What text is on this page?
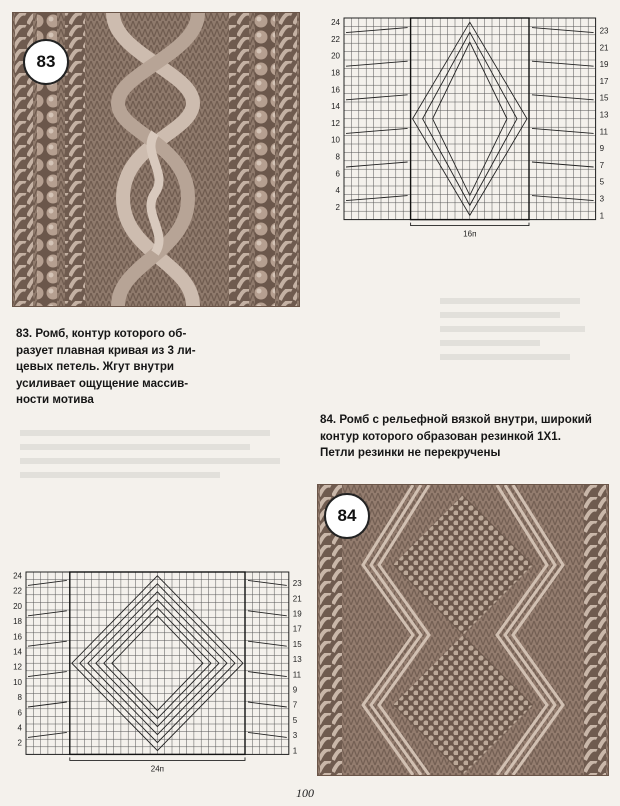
83
24
22
20
18
16
14
12
10
8
6
4
2
23
21
19
17
15
13
11
9
7
5
3
1
16п
83. Ромб, контур которого об-
разует плавная кривая из 3 ли-
цевых петель. Жгут внутри
усиливает ощущение массив-
ности мотива
84. Ромб с рельефной вязкой внутри, широкий
контур которого образован резинкой 1Х1.
Петли резинки не перекручены
24
22
20
18
16
14
12
10
8
6
4
2
23
21
19
17
15
13
11
9
7
5
3
1
24п
84
100
